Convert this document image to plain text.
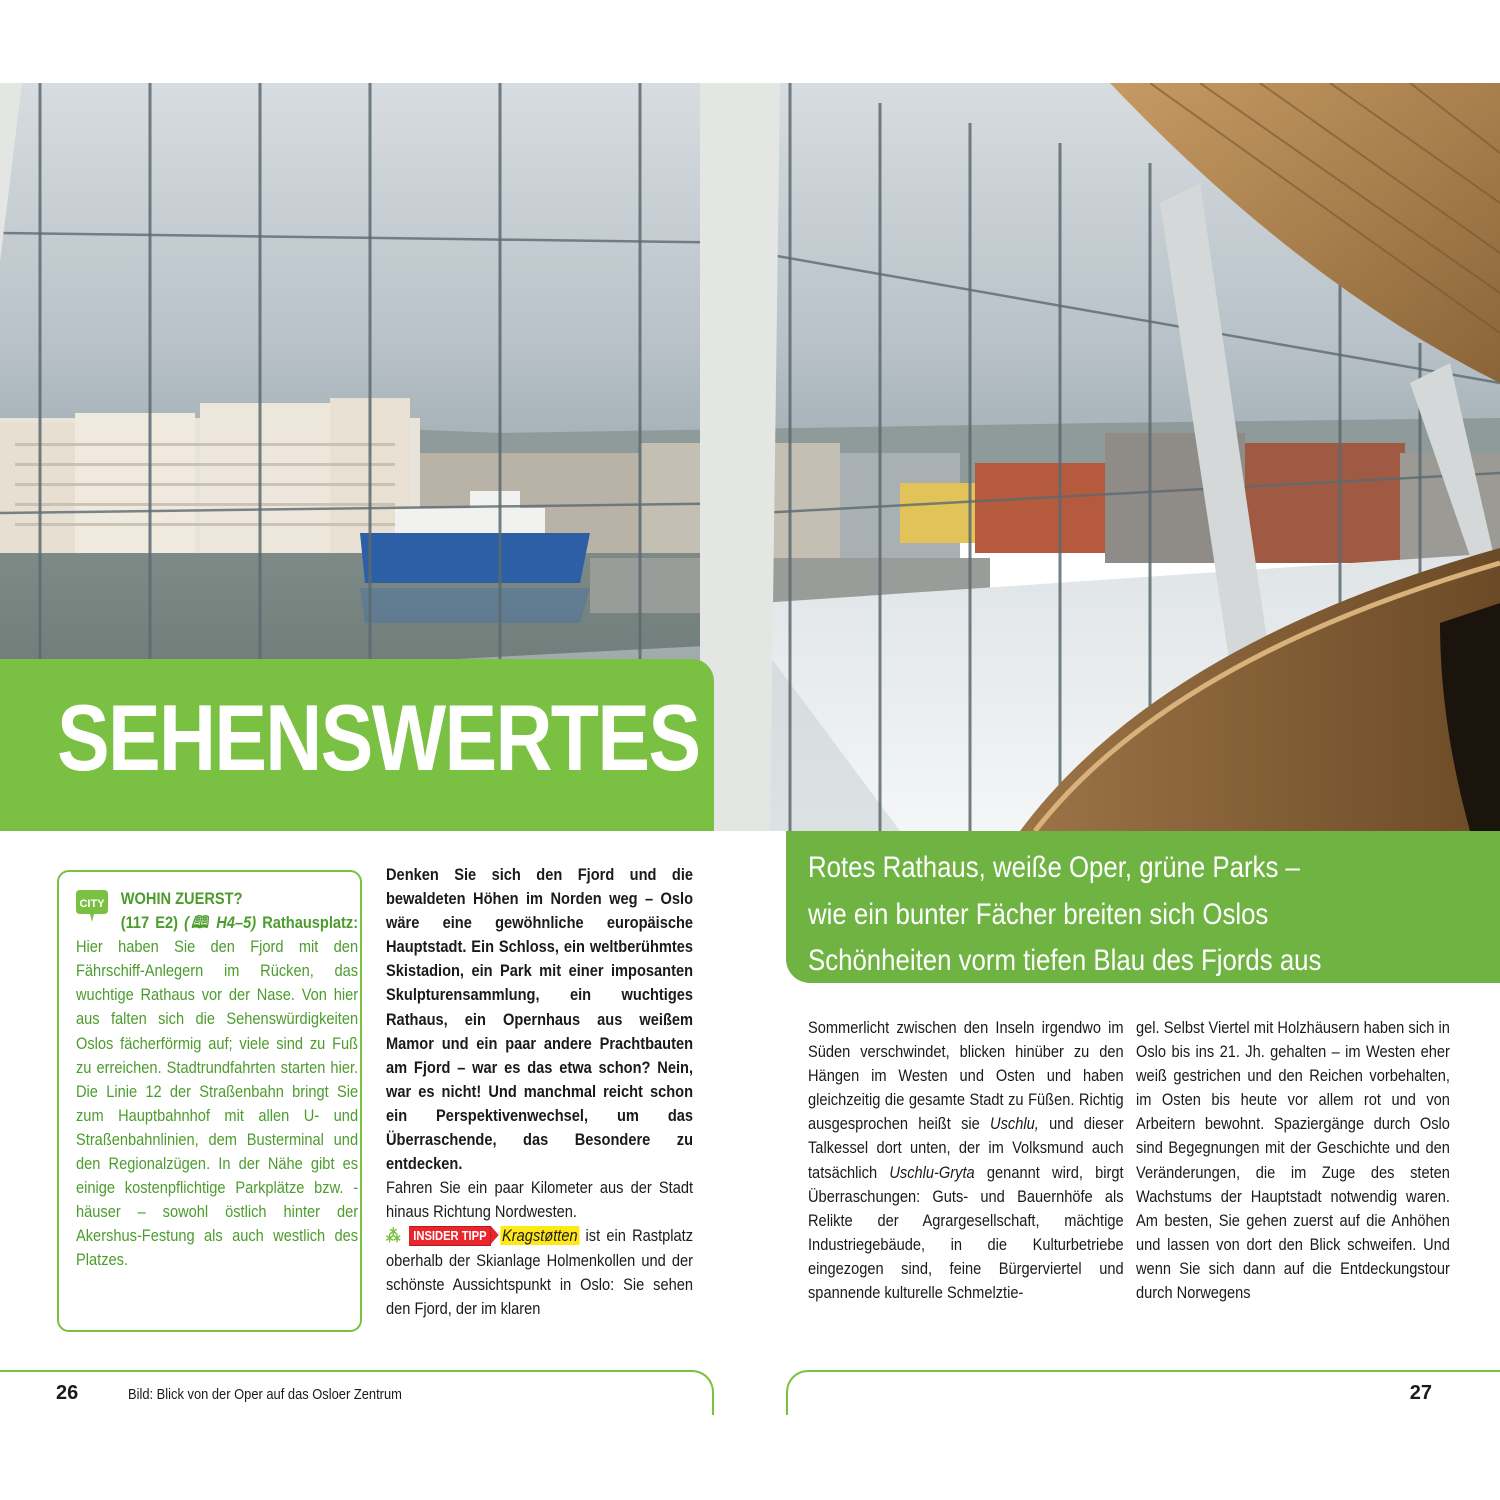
SEHENSWERTES

Rotes Rathaus, weiße Oper, grüne Parks –
wie ein bunter Fächer breiten sich Oslos
Schönheiten vorm tiefen Blau des Fjords aus

CITY WOHIN ZUERST?
(117 E2) (🕮 H4–5) Rathausplatz: Hier haben Sie den Fjord mit den Fährschiff-Anlegern im Rücken, das wuchtige Rathaus vor der Nase. Von hier aus falten sich die Sehenswürdigkeiten Oslos fächerförmig auf; viele sind zu Fuß zu erreichen. Stadtrundfahrten starten hier. Die Linie 12 der Straßenbahn bringt Sie zum Hauptbahnhof mit allen U- und Straßenbahnlinien, dem Busterminal und den Regionalzügen. In der Nähe gibt es einige kostenpflichtige Parkplätze bzw. -häuser – sowohl östlich hinter der Akershus-Festung als auch westlich des Platzes.

Denken Sie sich den Fjord und die bewaldeten Höhen im Norden weg – Oslo wäre eine gewöhnliche europäische Hauptstadt. Ein Schloss, ein weltberühmtes Skistadion, ein Park mit einer imposanten Skulpturensammlung, ein wuchtiges Rathaus, ein Opernhaus aus weißem Mamor und ein paar andere Prachtbauten am Fjord – war es das etwa schon? Nein, war es nicht! Und manchmal reicht schon ein Perspektivenwechsel, um das Überraschende, das Besondere zu entdecken.
Fahren Sie ein paar Kilometer aus der Stadt hinaus Richtung Nordwesten.
⁂ INSIDER TIPP Kragstøtten ist ein Rastplatz oberhalb der Skianlage Holmenkollen und der schönste Aussichtspunkt in Oslo: Sie sehen den Fjord, der im klaren

Sommerlicht zwischen den Inseln irgendwo im Süden verschwindet, blicken hinüber zu den Hängen im Westen und Osten und haben gleichzeitig die gesamte Stadt zu Füßen. Richtig ausgesprochen heißt sie Uschlu, und dieser Talkessel dort unten, der im Volksmund auch tatsächlich Uschlu-Gryta genannt wird, birgt Überraschungen: Guts- und Bauernhöfe als Relikte der Agrargesellschaft, mächtige Industriegebäude, in die Kulturbetriebe eingezogen sind, feine Bürgerviertel und spannende kulturelle Schmelztie-

gel. Selbst Viertel mit Holzhäusern haben sich in Oslo bis ins 21. Jh. gehalten – im Westen eher weiß gestrichen und den Reichen vorbehalten, im Osten bis heute vor allem rot und von Arbeitern bewohnt. Spaziergänge durch Oslo sind Begegnungen mit der Geschichte und den Veränderungen, die im Zuge des steten Wachstums der Hauptstadt notwendig waren. Am besten, Sie gehen zuerst auf die Anhöhen und lassen von dort den Blick schweifen. Und wenn Sie sich dann auf die Entdeckungstour durch Norwegens

26	Bild: Blick von der Oper auf das Osloer Zentrum	27
